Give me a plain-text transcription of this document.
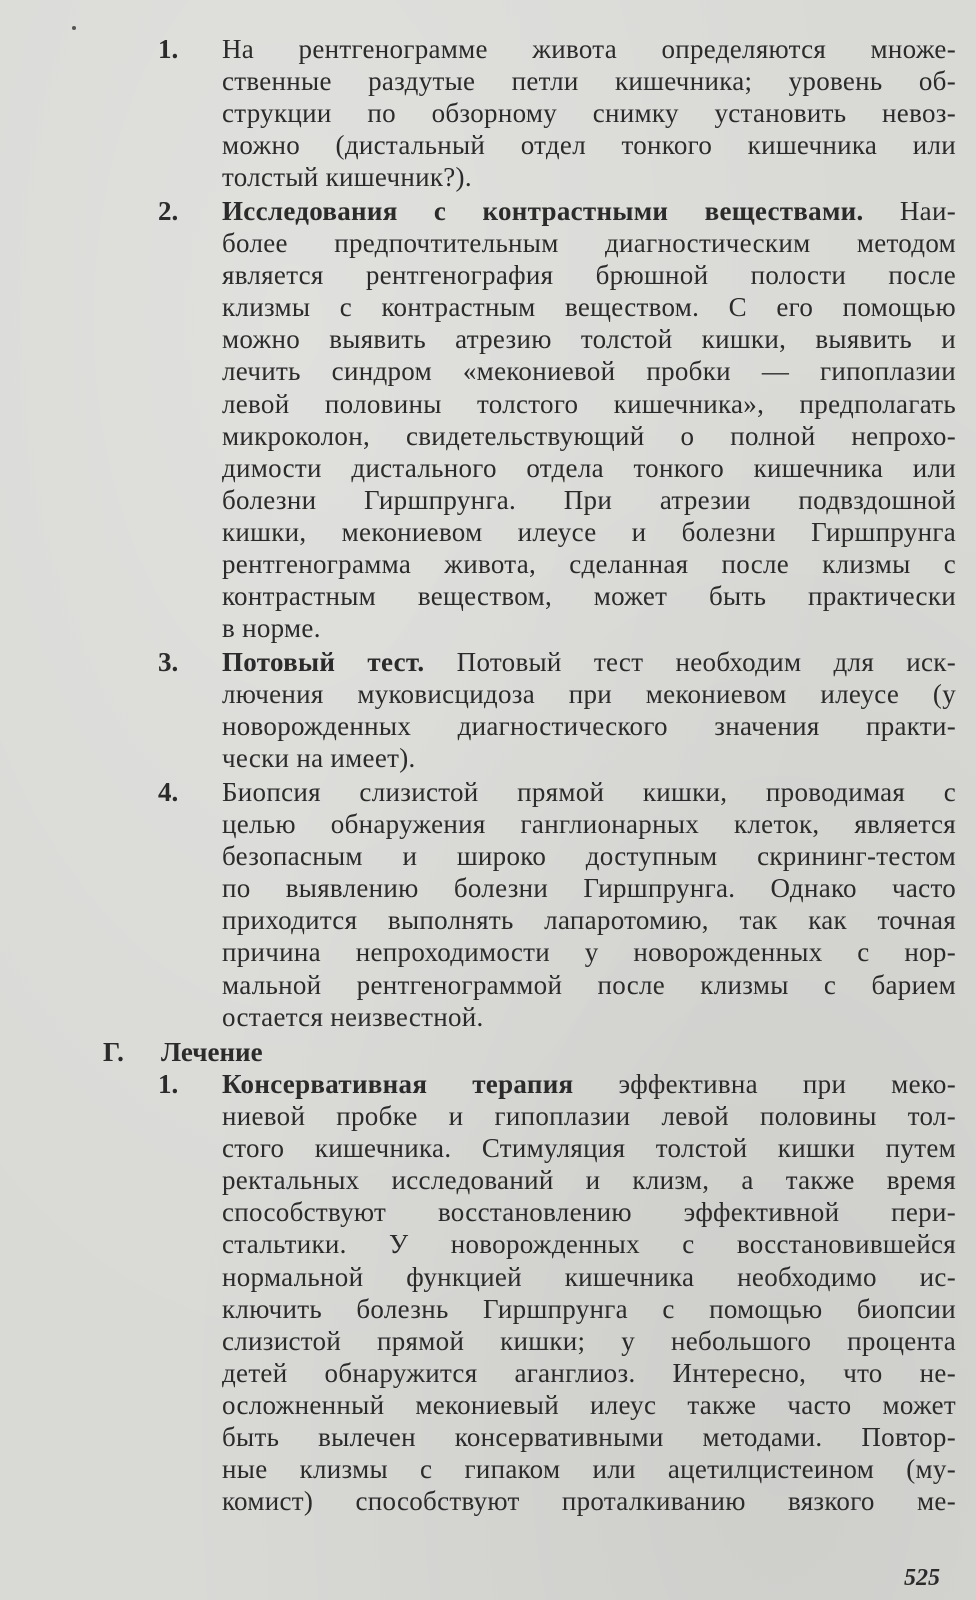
1.	На рентгенограмме живота определяются множе-
ственные раздутые петли кишечника; уровень об-
струкции по обзорному снимку установить невоз-
можно (дистальный отдел тонкого кишечника или
толстый кишечник?).
2.	Исследования с контрастными веществами. Наи-
более предпочтительным диагностическим методом
является рентгенография брюшной полости после
клизмы с контрастным веществом. С его помощью
можно выявить атрезию толстой кишки, выявить и
лечить синдром «мекониевой пробки — гипоплазии
левой половины толстого кишечника», предполагать
микроколон, свидетельствующий о полной непрохо-
димости дистального отдела тонкого кишечника или
болезни Гиршпрунга. При атрезии подвздошной
кишки, мекониевом илеусе и болезни Гиршпрунга
рентгенограмма живота, сделанная после клизмы с
контрастным веществом, может быть практически
в норме.
3.	Потовый тест. Потовый тест необходим для иск-
лючения муковисцидоза при мекониевом илеусе (у
новорожденных диагностического значения практи-
чески на имеет).
4.	Биопсия слизистой прямой кишки, проводимая с
целью обнаружения ганглионарных клеток, является
безопасным и широко доступным скрининг-тестом
по выявлению болезни Гиршпрунга. Однако часто
приходится выполнять лапаротомию, так как точная
причина непроходимости у новорожденных с нор-
мальной рентгенограммой после клизмы с барием
остается неизвестной.
Г. Лечение
1.	Консервативная терапия эффективна при меко-
ниевой пробке и гипоплазии левой половины тол-
стого кишечника. Стимуляция толстой кишки путем
ректальных исследований и клизм, а также время
способствуют восстановлению эффективной пери-
стальтики. У новорожденных с восстановившейся
нормальной функцией кишечника необходимо ис-
ключить болезнь Гиршпрунга с помощью биопсии
слизистой прямой кишки; у небольшого процента
детей обнаружится аганглиоз. Интересно, что не-
осложненный мекониевый илеус также часто может
быть вылечен консервативными методами. Повтор-
ные клизмы с гипаком или ацетилцистеином (му-
комист) способствуют проталкиванию вязкого ме-
525
